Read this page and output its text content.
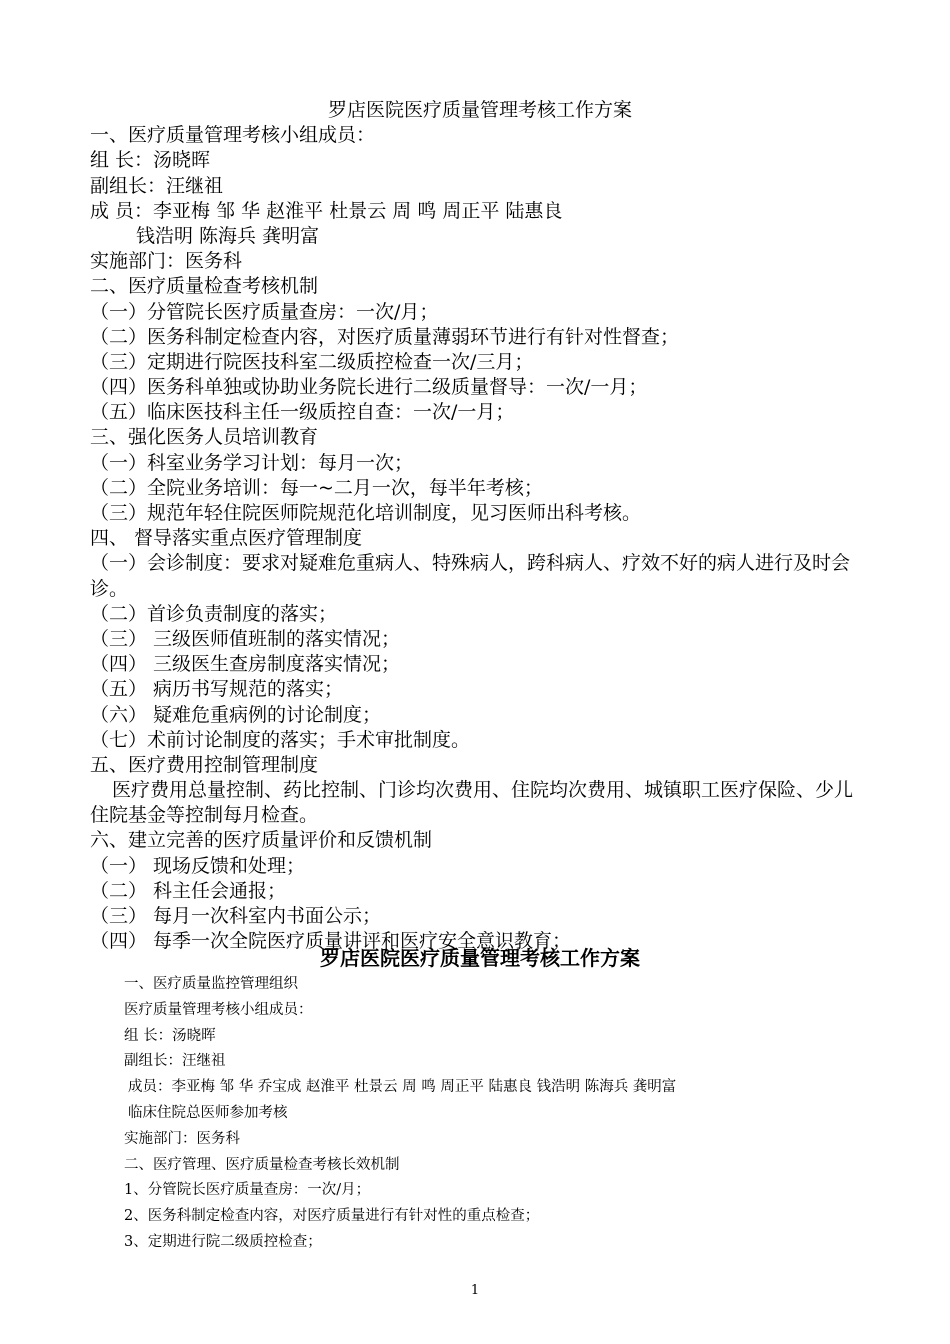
罗店医院医疗质量管理考核工作方案
一、医疗质量管理考核小组成员：
组 长：汤晓晖
副组长：汪继祖
成 员：李亚梅 邹 华 赵淮平 杜景云 周 鸣 周正平 陆惠良
钱浩明 陈海兵 龚明富
实施部门：医务科
二、医疗质量检查考核机制
（一）分管院长医疗质量查房：一次/月；
（二）医务科制定检查内容，对医疗质量薄弱环节进行有针对性督查；
（三）定期进行院医技科室二级质控检查一次/三月；
（四）医务科单独或协助业务院长进行二级质量督导：一次/一月；
（五）临床医技科主任一级质控自查：一次/一月；
三、强化医务人员培训教育
（一）科室业务学习计划：每月一次；
（二）全院业务培训：每一~二月一次，每半年考核；
（三）规范年轻住院医师院规范化培训制度，见习医师出科考核。
四、 督导落实重点医疗管理制度
（一）会诊制度：要求对疑难危重病人、特殊病人，跨科病人、疗效不好的病人进行及时会诊。
（二）首诊负责制度的落实；
（三） 三级医师值班制的落实情况；
（四） 三级医生查房制度落实情况；
（五） 病历书写规范的落实；
（六） 疑难危重病例的讨论制度；
（七）术前讨论制度的落实；手术审批制度。
五、医疗费用控制管理制度
医疗费用总量控制、药比控制、门诊均次费用、住院均次费用、城镇职工医疗保险、少儿住院基金等控制每月检查。
六、建立完善的医疗质量评价和反馈机制
（一） 现场反馈和处理；
（二） 科主任会通报；
（三） 每月一次科室内书面公示；
（四） 每季一次全院医疗质量讲评和医疗安全意识教育；
罗店医院医疗质量管理考核工作方案
一、医疗质量监控管理组织
医疗质量管理考核小组成员：
组 长：汤晓晖
副组长：汪继祖
成员：李亚梅 邹 华 乔宝成 赵淮平 杜景云 周 鸣 周正平 陆惠良 钱浩明 陈海兵 龚明富
临床住院总医师参加考核
实施部门：医务科
二、医疗管理、医疗质量检查考核长效机制
1、分管院长医疗质量查房：一次/月；
2、医务科制定检查内容，对医疗质量进行有针对性的重点检查；
3、定期进行院二级质控检查；
1
